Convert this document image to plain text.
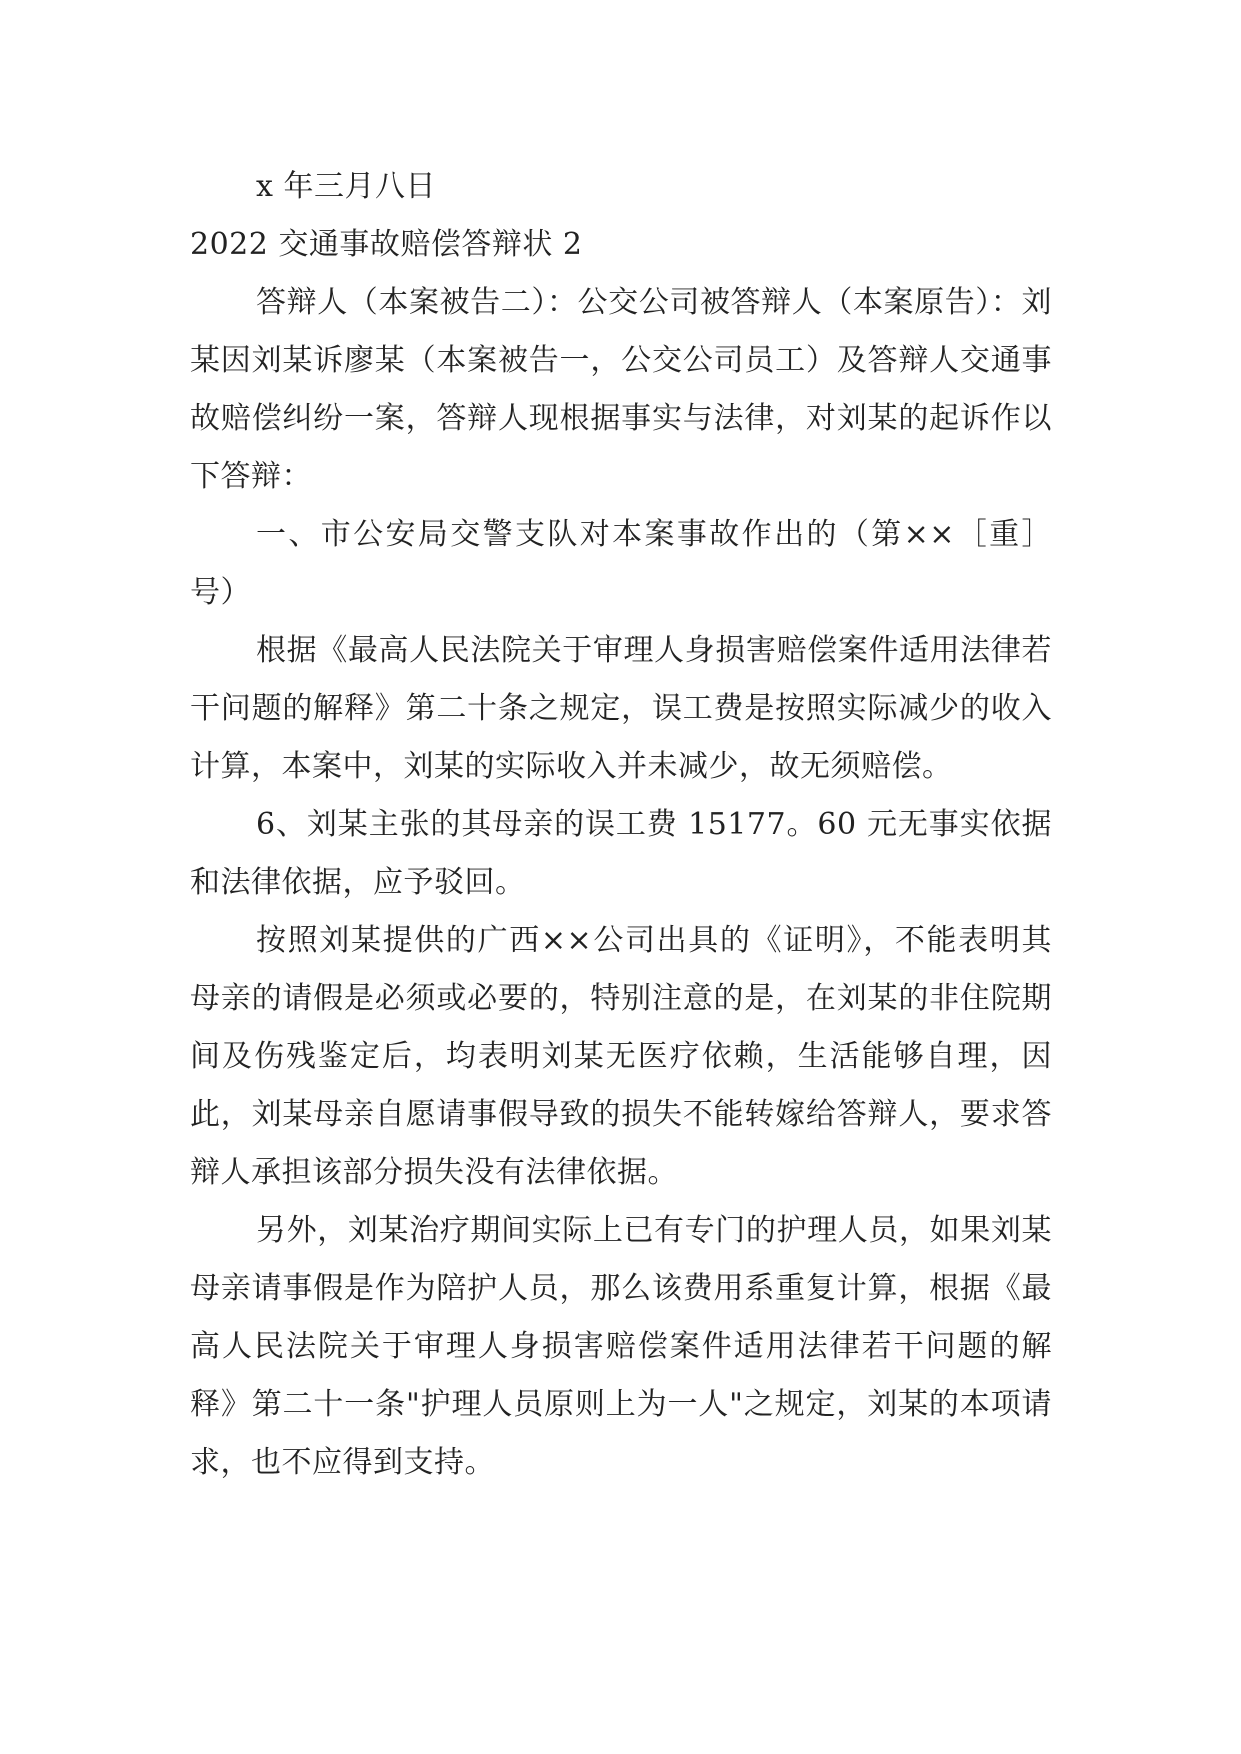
x 年三月八日

2022 交通事故赔偿答辩状 2

答辩人（本案被告二）：公交公司被答辩人（本案原告）：刘某因刘某诉廖某（本案被告一，公交公司员工）及答辩人交通事故赔偿纠纷一案，答辩人现根据事实与法律，对刘某的起诉作以下答辩：

一、市公安局交警支队对本案事故作出的（第××［重］号）

根据《最高人民法院关于审理人身损害赔偿案件适用法律若干问题的解释》第二十条之规定，误工费是按照实际减少的收入计算，本案中，刘某的实际收入并未减少，故无须赔偿。

6、刘某主张的其母亲的误工费 15177。60 元无事实依据和法律依据，应予驳回。

按照刘某提供的广西××公司出具的《证明》，不能表明其母亲的请假是必须或必要的，特别注意的是，在刘某的非住院期间及伤残鉴定后，均表明刘某无医疗依赖，生活能够自理，因此，刘某母亲自愿请事假导致的损失不能转嫁给答辩人，要求答辩人承担该部分损失没有法律依据。

另外，刘某治疗期间实际上已有专门的护理人员，如果刘某母亲请事假是作为陪护人员，那么该费用系重复计算，根据《最高人民法院关于审理人身损害赔偿案件适用法律若干问题的解释》第二十一条"护理人员原则上为一人"之规定，刘某的本项请求，也不应得到支持。
